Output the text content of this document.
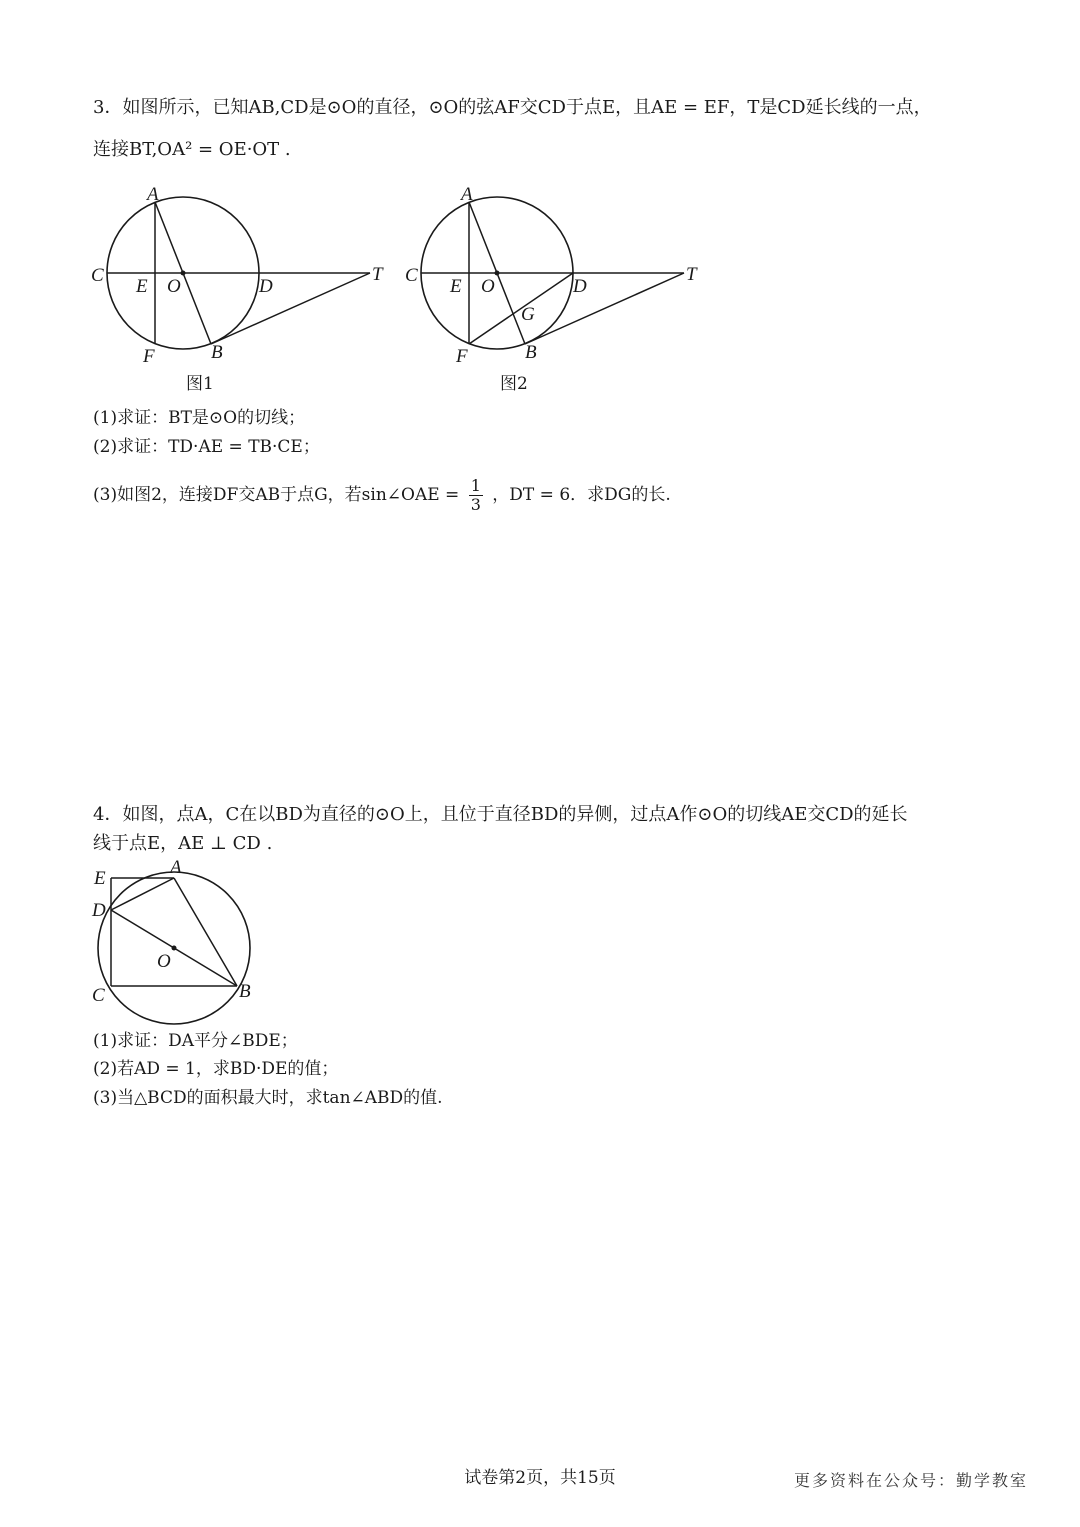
3．如图所示，已知AB,CD是⊙O的直径，⊙O的弦AF交CD于点E，且AE = EF，T是CD延长线的一点，
连接BT,OA² = OE·OT .
A
C
E O	D
T
F	B
图1
A
C
E O	D
T
G
F	B
图2
(1)求证：BT是⊙O的切线；
(2)求证：TD·AE = TB·CE；
(3)如图2，连接DF交AB于点G，若sin∠OAE = $\frac{1}{3}$ ，DT = 6．求DG的长.
4．如图，点A，C在以BD为直径的⊙O上，且位于直径BD的异侧，过点A作⊙O的切线AE交CD的延长
线于点E，AE ⊥ CD .
E
A
D
O
C	B
(1)求证：DA平分∠BDE；
(2)若AD = 1，求BD·DE的值；
(3)当△BCD的面积最大时，求tan∠ABD的值.
试卷第2页，共15页	更多资料在公众号：勤学教室
